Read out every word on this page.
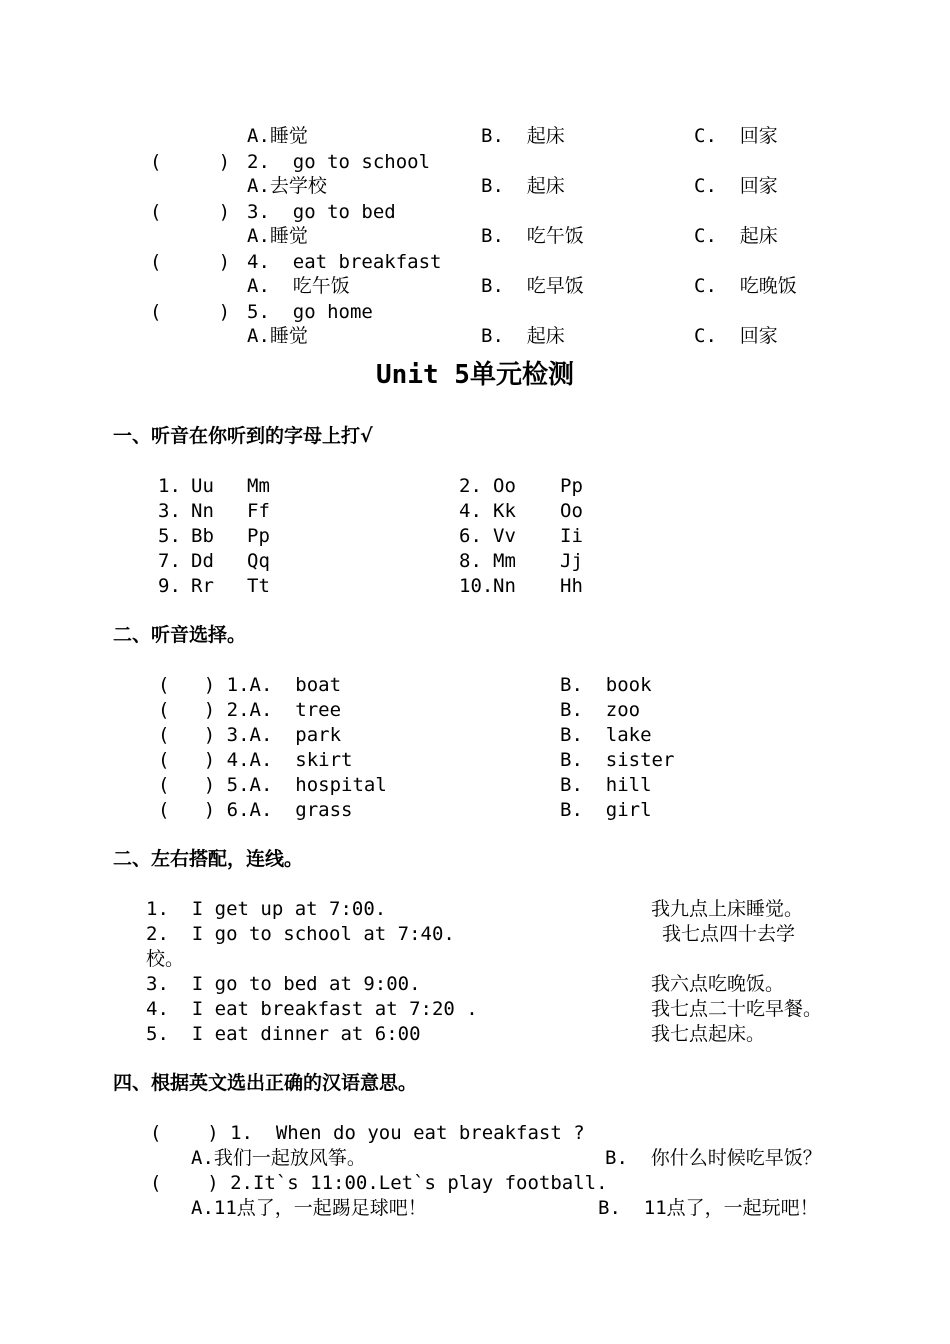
A.睡觉	B.  起床	C.  回家
(     ) 2.  go to school
A.去学校	B.  起床	C.  回家
(     ) 3.  go to bed
A.睡觉	B.  吃午饭	C.  起床
(     ) 4.  eat breakfast
A.  吃午饭	B.  吃早饭	C.  吃晚饭
(     ) 5.  go home
A.睡觉	B.  起床	C.  回家
Unit 5单元检测
一、听音在你听到的字母上打√
1. Uu Mm	2. Oo Pp
3. Nn Ff	4. Kk Oo
5. Bb Pp	6. Vv Ii
7. Dd Qq	8. Mm Jj
9. Rr Tt	10. Nn Hh
二、听音选择。
(   ) 1.A.  boat	B.  book
(   ) 2.A.  tree	B.  zoo
(   ) 3.A.  park	B.  lake
(   ) 4.A.  skirt	B.  sister
(   ) 5.A.  hospital	B.  hill
(   ) 6.A.  grass	B.  girl
二、左右搭配，连线。
1.  I get up at 7:00.	我九点上床睡觉。
2.  I go to school at 7:40.	我七点四十去学
校。
3.  I go to bed at 9:00.	我六点吃晚饭。
4.  I eat breakfast at 7:20 .	我七点二十吃早餐。
5.  I eat dinner at 6:00	我七点起床。
四、根据英文选出正确的汉语意思。
(    ) 1.  When do you eat breakfast ?
A.我们一起放风筝。	B.  你什么时候吃早饭？
(    ) 2.It`s 11:00.Let`s play football.
A.11点了，一起踢足球吧！	B.  11点了，一起玩吧！
